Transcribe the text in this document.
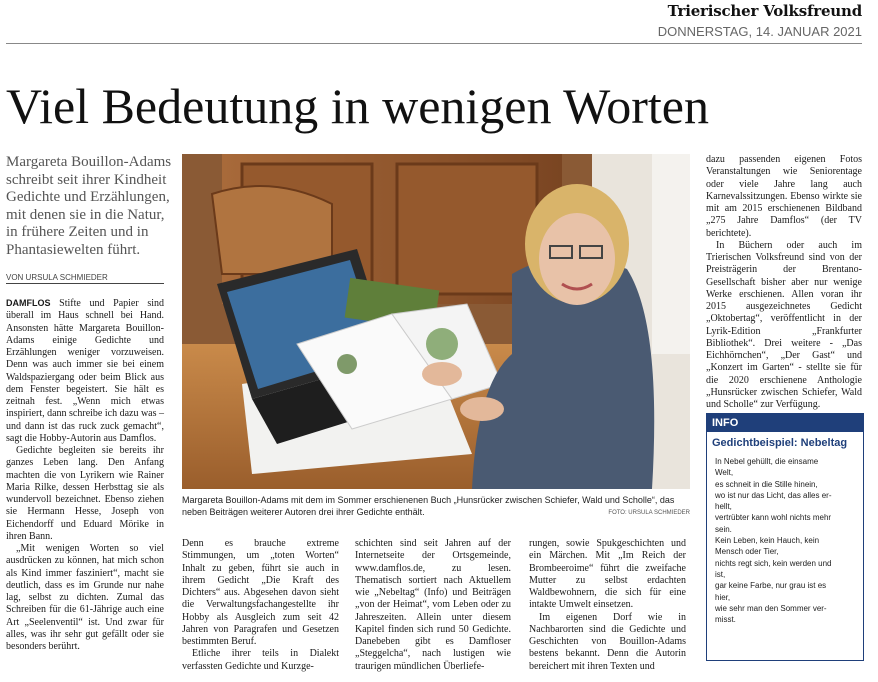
Trierischer Volksfreund
DONNERSTAG, 14. JANUAR 2021
Viel Bedeutung in wenigen Worten
Margareta Bouillon-Adams schreibt seit ihrer Kindheit Gedichte und Erzählungen, mit denen sie in die Natur, in frühere Zeiten und in Phantasiewelten führt.
VON URSULA SCHMIEDER

DAMFLOS Stifte und Papier sind überall im Haus schnell bei Hand. Ansonsten hätte Margareta Bouillon-Adams einige Gedichte und Erzählungen weniger vorzuweisen. Denn was auch immer sie bei einem Waldspaziergang oder beim Blick aus dem Fenster begeistert. Sie hält es zeitnah fest. „Wenn mich etwas inspiriert, dann schreibe ich dazu was – und dann ist das ruck zuck gemacht“, sagt die Hobby-Autorin aus Damflos.

Gedichte begleiten sie bereits ihr ganzes Leben lang. Den Anfang machten die von Lyrikern wie Rainer Maria Rilke, dessen Herbsttag sie als wundervoll bezeichnet. Ebenso ziehen sie Hermann Hesse, Joseph von Eichendorff und Eduard Mörike in ihren Bann.

„Mit wenigen Worten so viel ausdrücken zu können, hat mich schon als Kind immer fasziniert“, macht sie deutlich, dass es im Grunde nur nahe lag, selbst zu dichten. Zumal das Schreiben für die 61-Jährige auch eine Art „Seelenventil“ ist. Und zwar für alles, was ihr sehr gut gefällt oder sie besonders berührt.

Margareta Bouillon-Adams mit dem im Sommer erschienenen Buch „Hunsrücker zwischen Schiefer, Wald und Scholle“, das neben Beiträgen weiterer Autoren drei ihrer Gedichte enthält.	FOTO: URSULA SCHMIEDER

Denn es brauche extreme Stimmungen, um „toten Worten“ Inhalt zu geben, führt sie auch in ihrem Gedicht „Die Kraft des Dichters“ aus. Abgesehen davon sieht die Verwaltungsfachangestellte ihr Hobby als Ausgleich zum seit 42 Jahren von Paragrafen und Gesetzen bestimmten Beruf.

Etliche ihrer teils in Dialekt verfassten Gedichte und Kurzge-

schichten sind seit Jahren auf der Internetseite der Ortsgemeinde, www.damflos.de, zu lesen. Thematisch sortiert nach Aktuellem wie „Nebeltag“ (Info) und Beiträgen „von der Heimat“, vom Leben oder zu Jahreszeiten. Allein unter diesem Kapitel finden sich rund 50 Gedichte. Danebeben gibt es Damfloser „Steggelcha“, nach lustigen wie traurigen mündlichen Überliefe-

rungen, sowie Spukgeschichten und ein Märchen. Mit „Im Reich der Brombeeroime“ führt die zweifache Mutter zu selbst erdachten Waldbewohnern, die sich für eine intakte Umwelt einsetzen.

Im eigenen Dorf wie in Nachbarorten sind die Gedichte und Geschichten von Bouillon-Adams bestens bekannt. Denn die Autorin bereichert mit ihren Texten und

dazu passenden eigenen Fotos Veranstaltungen wie Seniorentage oder viele Jahre lang auch Karnevalssitzungen. Ebenso wirkte sie mit am 2015 erschienenen Bildband „275 Jahre Damflos“ (der TV berichtete).

In Büchern oder auch im Trierischen Volksfreund sind von der Preisträgerin der Brentano-Gesellschaft bisher aber nur wenige Werke erschienen. Allen voran ihr 2015 ausgezeichnetes Gedicht „Oktobertag“, veröffentlicht in der Lyrik-Edition „Frankfurter Bibliothek“. Drei weitere - „Das Eichhörnchen“, „Der Gast“ und „Konzert im Garten“ - stellte sie für die 2020 erschienene Anthologie „Hunsrücker zwischen Schiefer, Wald und Scholle“ zur Verfügung.

INFO
Gedichtbeispiel: Nebeltag
In Nebel gehüllt, die einsame
Welt,
es schneit in die Stille hinein,
wo ist nur das Licht, das alles er-
hellt,
vertrübter kann wohl nichts mehr
sein.
Kein Leben, kein Hauch, kein
Mensch oder Tier,
nichts regt sich, kein werden und
ist,
gar keine Farbe, nur grau ist es
hier,
wie sehr man den Sommer ver-
misst.
